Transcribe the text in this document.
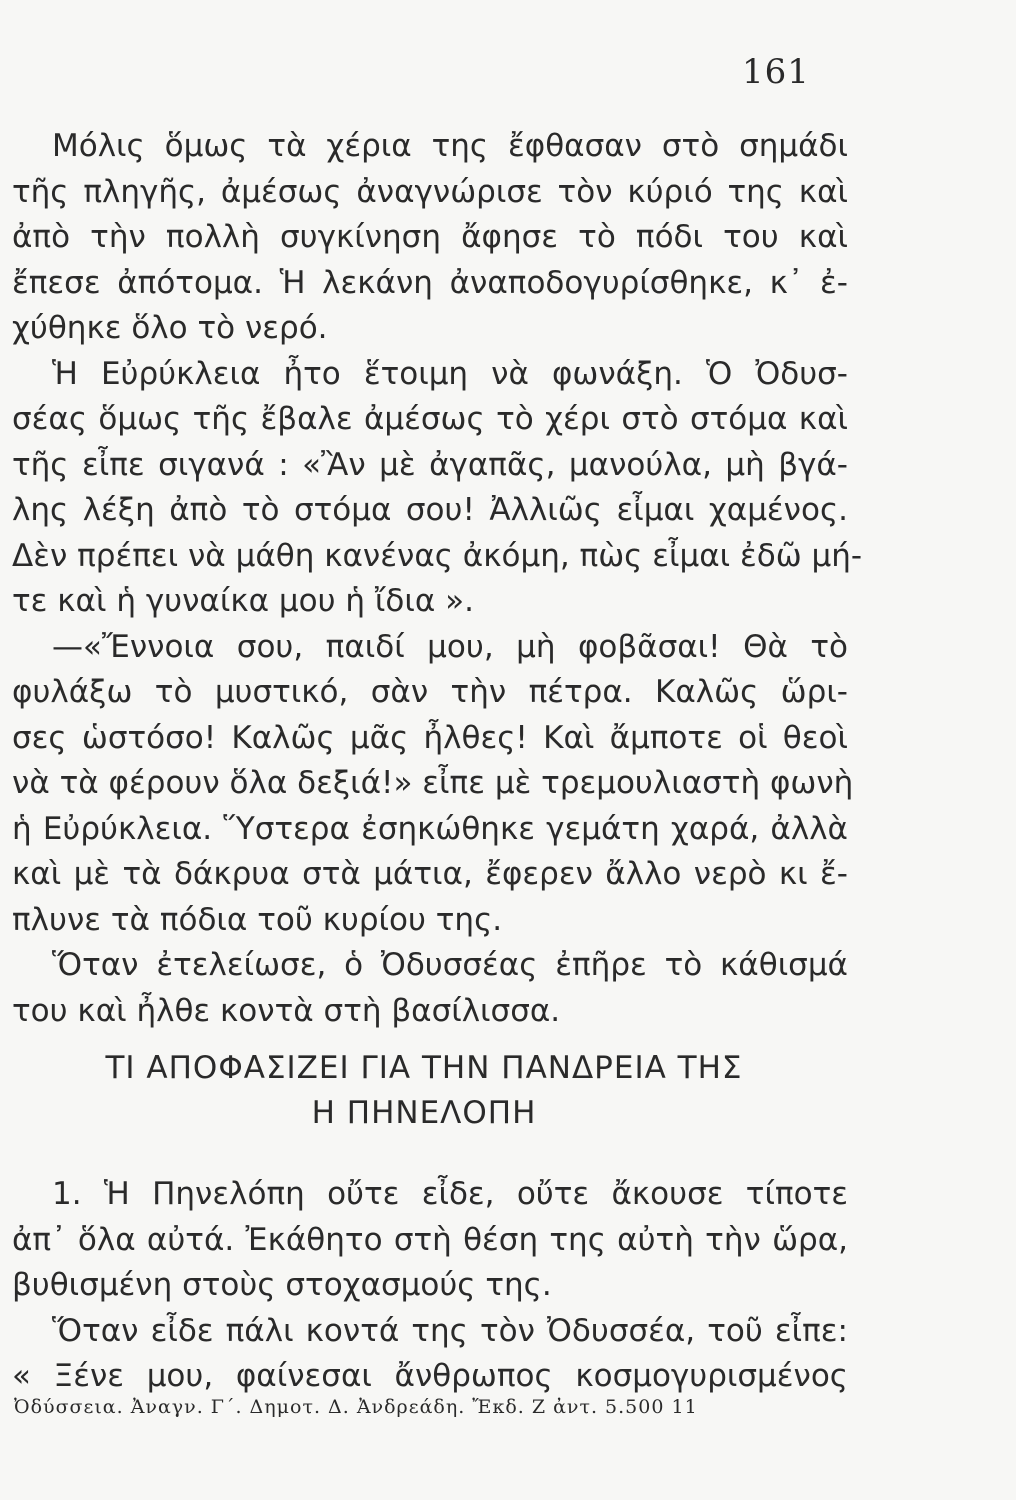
161
Μόλις ὅμως τὰ χέρια της ἔφθασαν στὸ σημάδι
τῆς πληγῆς, ἀμέσως ἀναγνώρισε τὸν κύριό της καὶ
ἀπὸ τὴν πολλὴ συγκίνηση ἄφησε τὸ πόδι του καὶ
ἔπεσε ἀπότομα. Ἡ λεκάνη ἀναποδογυρίσθηκε, κ᾽ ἐ-
χύθηκε ὅλο τὸ νερό.
Ἡ Εὐρύκλεια ἦτο ἕτοιμη νὰ φωνάξη. Ὁ Ὀδυσ-
σέας ὅμως τῆς ἔβαλε ἀμέσως τὸ χέρι στὸ στόμα καὶ
τῆς εἶπε σιγανά : «Ἂν μὲ ἀγαπᾶς, μανούλα, μὴ βγά-
λης λέξη ἀπὸ τὸ στόμα σου! Ἀλλιῶς εἶμαι χαμένος.
Δὲν πρέπει νὰ μάθη κανένας ἀκόμη, πὼς εἶμαι ἐδῶ μή-
τε καὶ ἡ γυναίκα μου ἡ ἴδια ».
—«Ἔννοια σου, παιδί μου, μὴ φοβᾶσαι! Θὰ τὸ
φυλάξω τὸ μυστικό, σὰν τὴν πέτρα. Καλῶς ὥρι-
σες ὡστόσο! Καλῶς μᾶς ἦλθες! Καὶ ἄμποτε οἱ θεοὶ
νὰ τὰ φέρουν ὅλα δεξιά!» εἶπε μὲ τρεμουλιαστὴ φωνὴ
ἡ Εὐρύκλεια. Ὕστερα ἐσηκώθηκε γεμάτη χαρά, ἀλλὰ
καὶ μὲ τὰ δάκρυα στὰ μάτια, ἔφερεν ἄλλο νερὸ κι ἔ-
πλυνε τὰ πόδια τοῦ κυρίου της.
Ὅταν ἐτελείωσε, ὁ Ὀδυσσέας ἐπῆρε τὸ κάθισμά
του καὶ ἦλθε κοντὰ στὴ βασίλισσα.
ΤΙ ΑΠΟΦΑΣΙΖΕΙ ΓΙΑ ΤΗΝ ΠΑΝΔΡΕΙΑ ΤΗΣ
Η ΠΗΝΕΛΟΠΗ
1. Ἡ Πηνελόπη οὔτε εἶδε, οὔτε ἄκουσε τίποτε
ἀπ᾽ ὅλα αὐτά. Ἐκάθητο στὴ θέση της αὐτὴ τὴν ὥρα,
βυθισμένη στοὺς στοχασμούς της.
Ὅταν εἶδε πάλι κοντά της τὸν Ὀδυσσέα, τοῦ εἶπε:
« Ξένε μου, φαίνεσαι ἄνθρωπος κοσμογυρισμένος
Ὀδύσσεια. Ἀναγν. Γ΄. Δημοτ. Δ. Ἀνδρεάδη. Ἔκδ. Ζ ἀντ. 5.500 11
